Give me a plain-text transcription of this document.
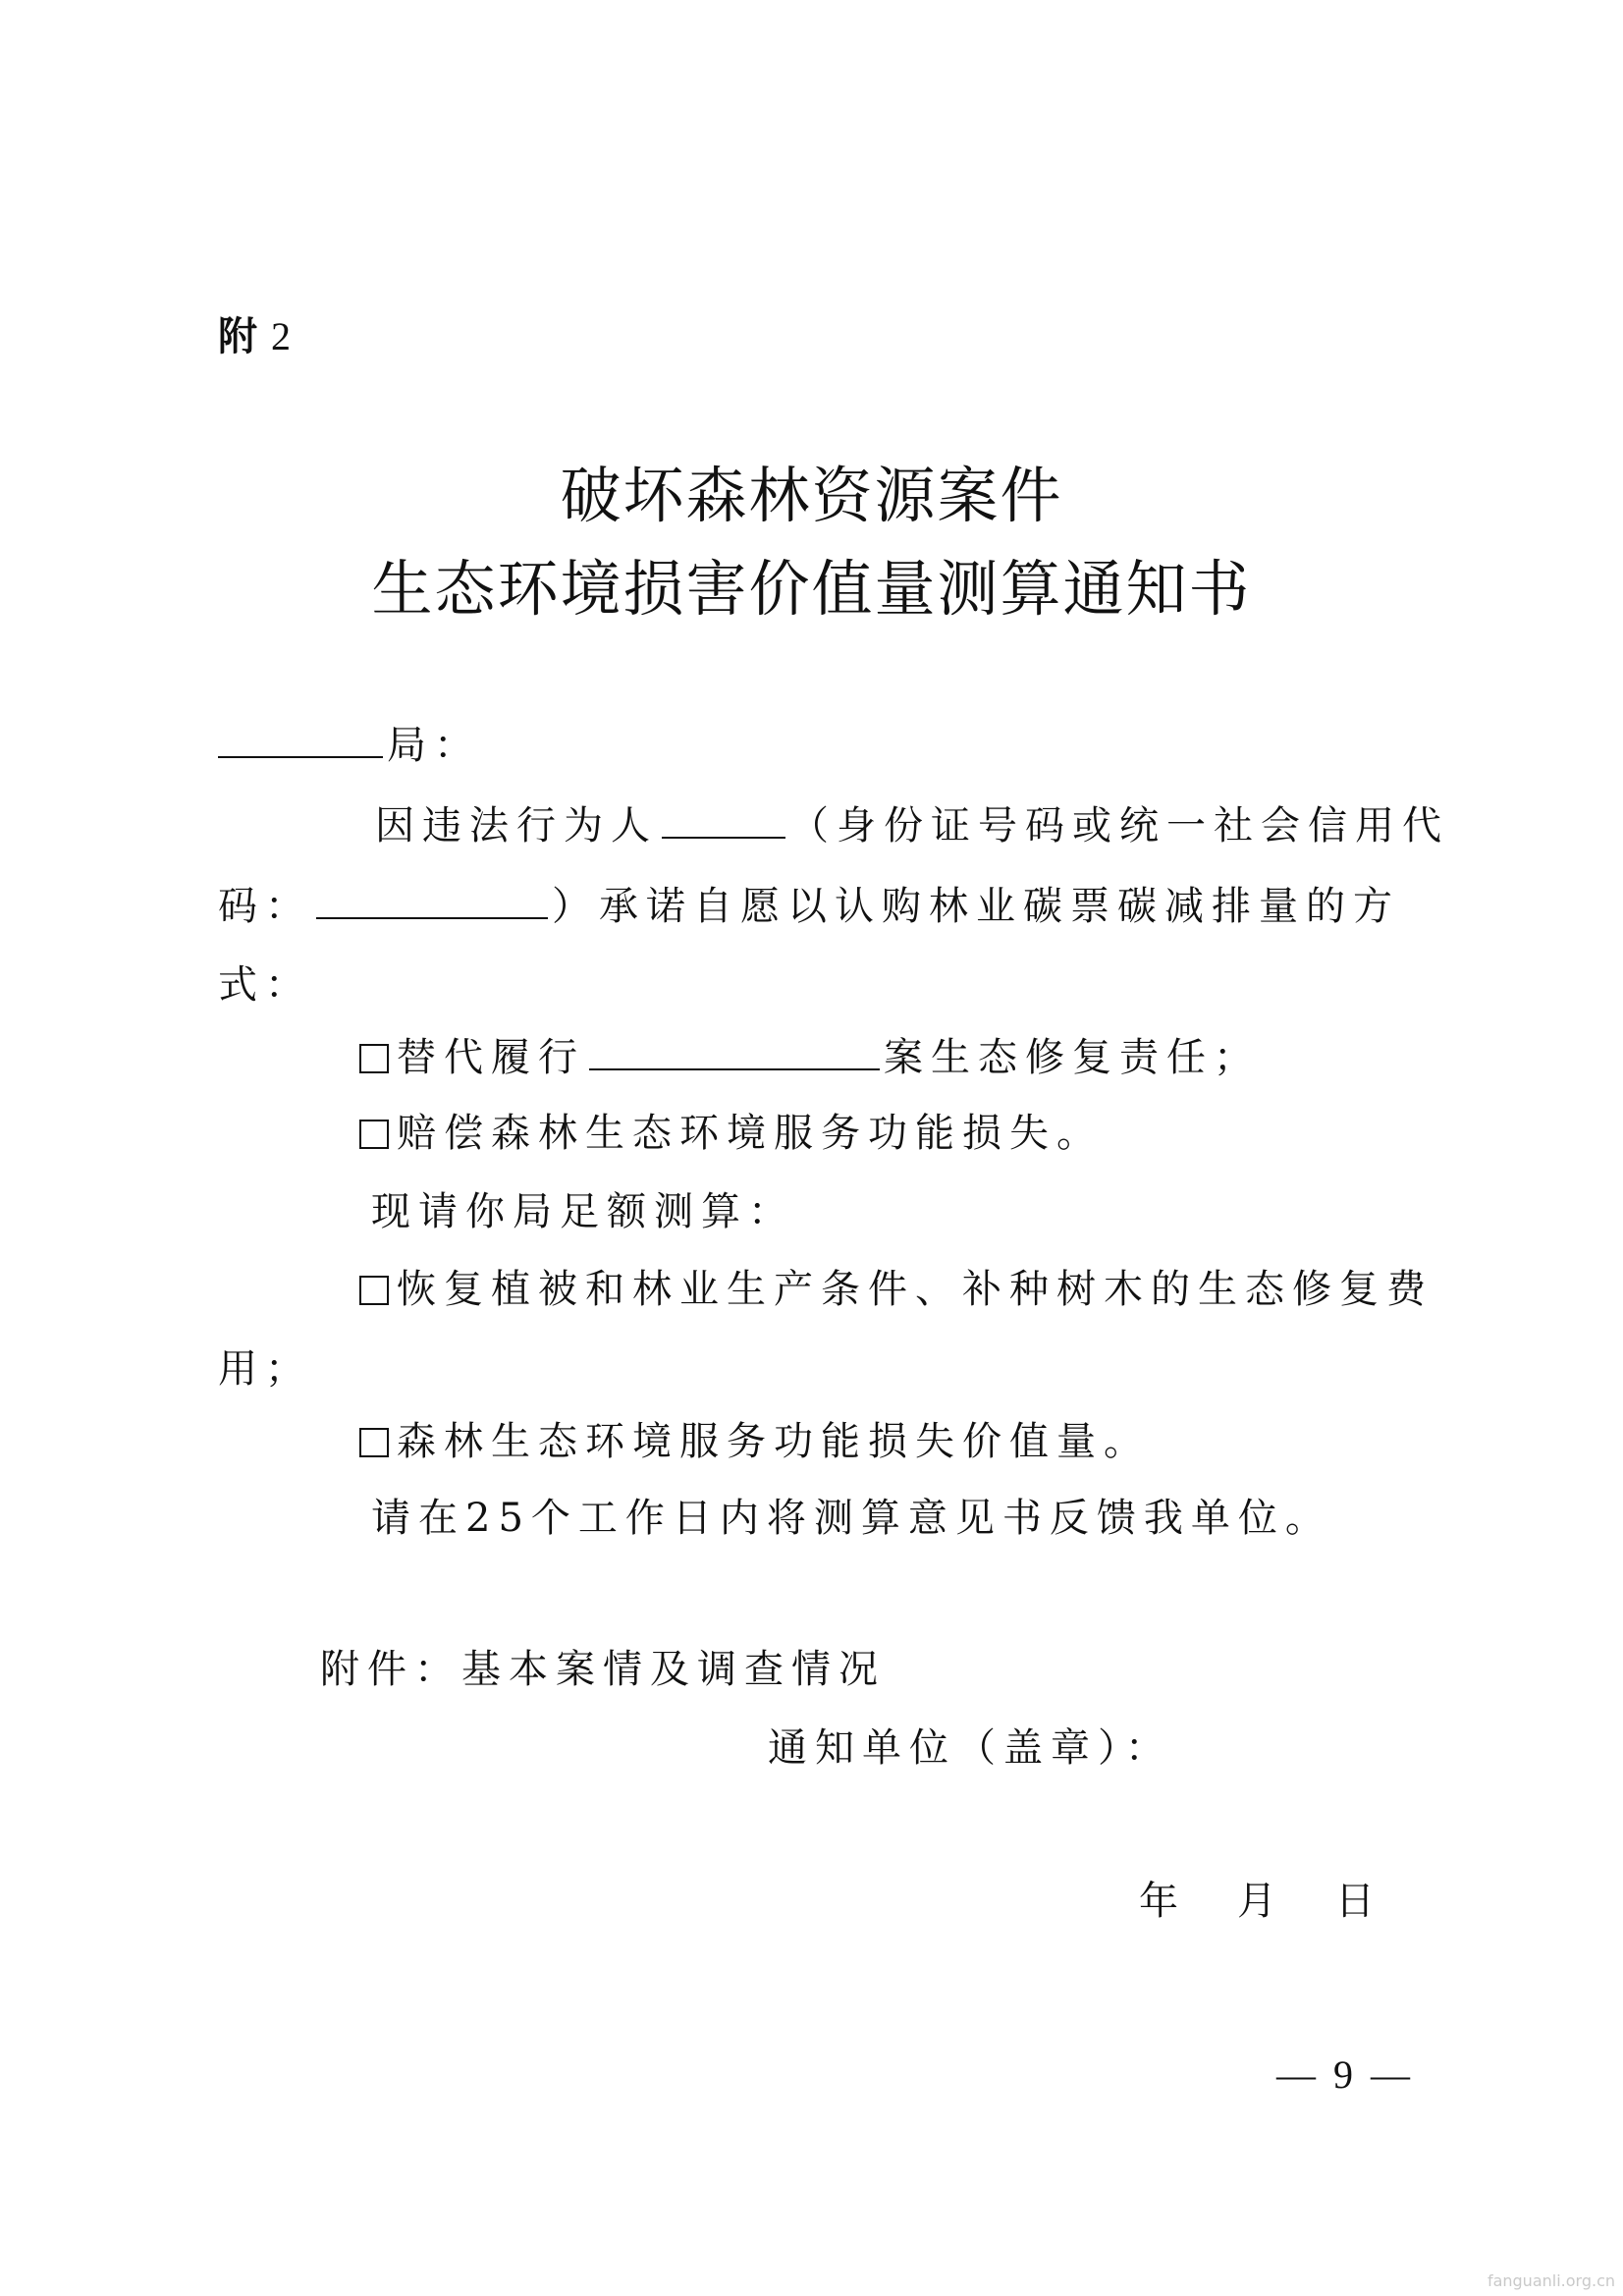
附 2
破坏森林资源案件
生态环境损害价值量测算通知书
局：
因违法行为人	（身份证号码或统一社会信用代
码：	）承诺自愿以认购林业碳票碳减排量的方
式：
替代履行	案生态修复责任；
赔偿森林生态环境服务功能损失。
现请你局足额测算：
恢复植被和林业生产条件、补种树木的生态修复费
用；
森林生态环境服务功能损失价值量。
请在25个工作日内将测算意见书反馈我单位。
附件：基本案情及调查情况
通知单位（盖章）：
年　月　日
— 9 —
fanguanli.org.cn
